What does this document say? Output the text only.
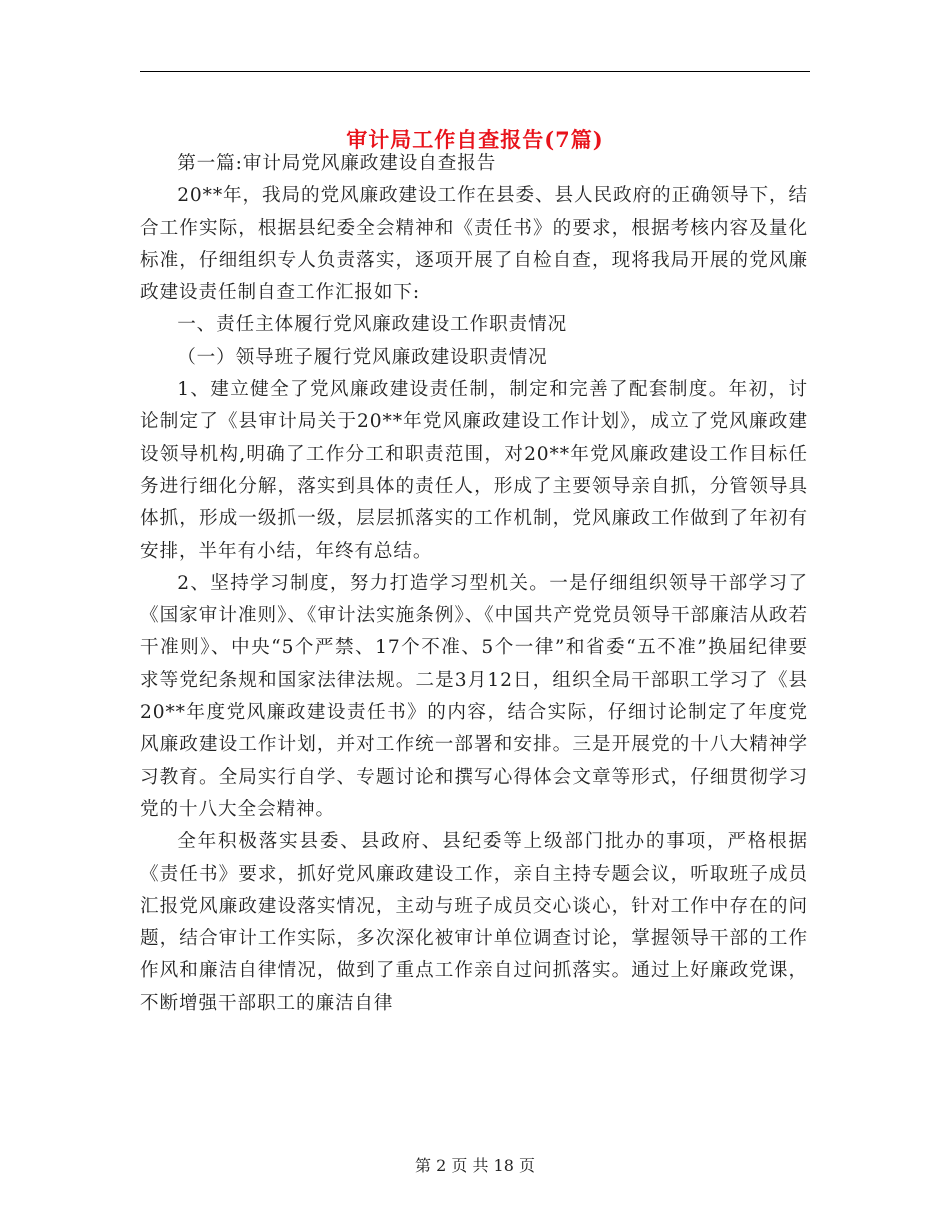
审计局工作自查报告(7篇)

第一篇:审计局党风廉政建设自查报告

20**年，我局的党风廉政建设工作在县委、县人民政府的正确领导下，结合工作实际，根据县纪委全会精神和《责任书》的要求，根据考核内容及量化标准，仔细组织专人负责落实，逐项开展了自检自查，现将我局开展的党风廉政建设责任制自查工作汇报如下:

一、责任主体履行党风廉政建设工作职责情况

（一）领导班子履行党风廉政建设职责情况

1、建立健全了党风廉政建设责任制，制定和完善了配套制度。年初，讨论制定了《县审计局关于20**年党风廉政建设工作计划》，成立了党风廉政建设领导机构,明确了工作分工和职责范围，对20**年党风廉政建设工作目标任务进行细化分解，落实到具体的责任人，形成了主要领导亲自抓，分管领导具体抓，形成一级抓一级，层层抓落实的工作机制，党风廉政工作做到了年初有安排，半年有小结，年终有总结。

2、坚持学习制度，努力打造学习型机关。一是仔细组织领导干部学习了《国家审计准则》、《审计法实施条例》、《中国共产党党员领导干部廉洁从政若干准则》、中央“5个严禁、17个不准、5个一律”和省委“五不准”换届纪律要求等党纪条规和国家法律法规。二是3月12日，组织全局干部职工学习了《县20**年度党风廉政建设责任书》的内容，结合实际，仔细讨论制定了年度党风廉政建设工作计划，并对工作统一部署和安排。三是开展党的十八大精神学习教育。全局实行自学、专题讨论和撰写心得体会文章等形式，仔细贯彻学习党的十八大全会精神。

全年积极落实县委、县政府、县纪委等上级部门批办的事项，严格根据《责任书》要求，抓好党风廉政建设工作，亲自主持专题会议，听取班子成员汇报党风廉政建设落实情况，主动与班子成员交心谈心，针对工作中存在的问题，结合审计工作实际，多次深化被审计单位调查讨论，掌握领导干部的工作作风和廉洁自律情况，做到了重点工作亲自过问抓落实。通过上好廉政党课，不断增强干部职工的廉洁自律

第 2 页 共 18 页
